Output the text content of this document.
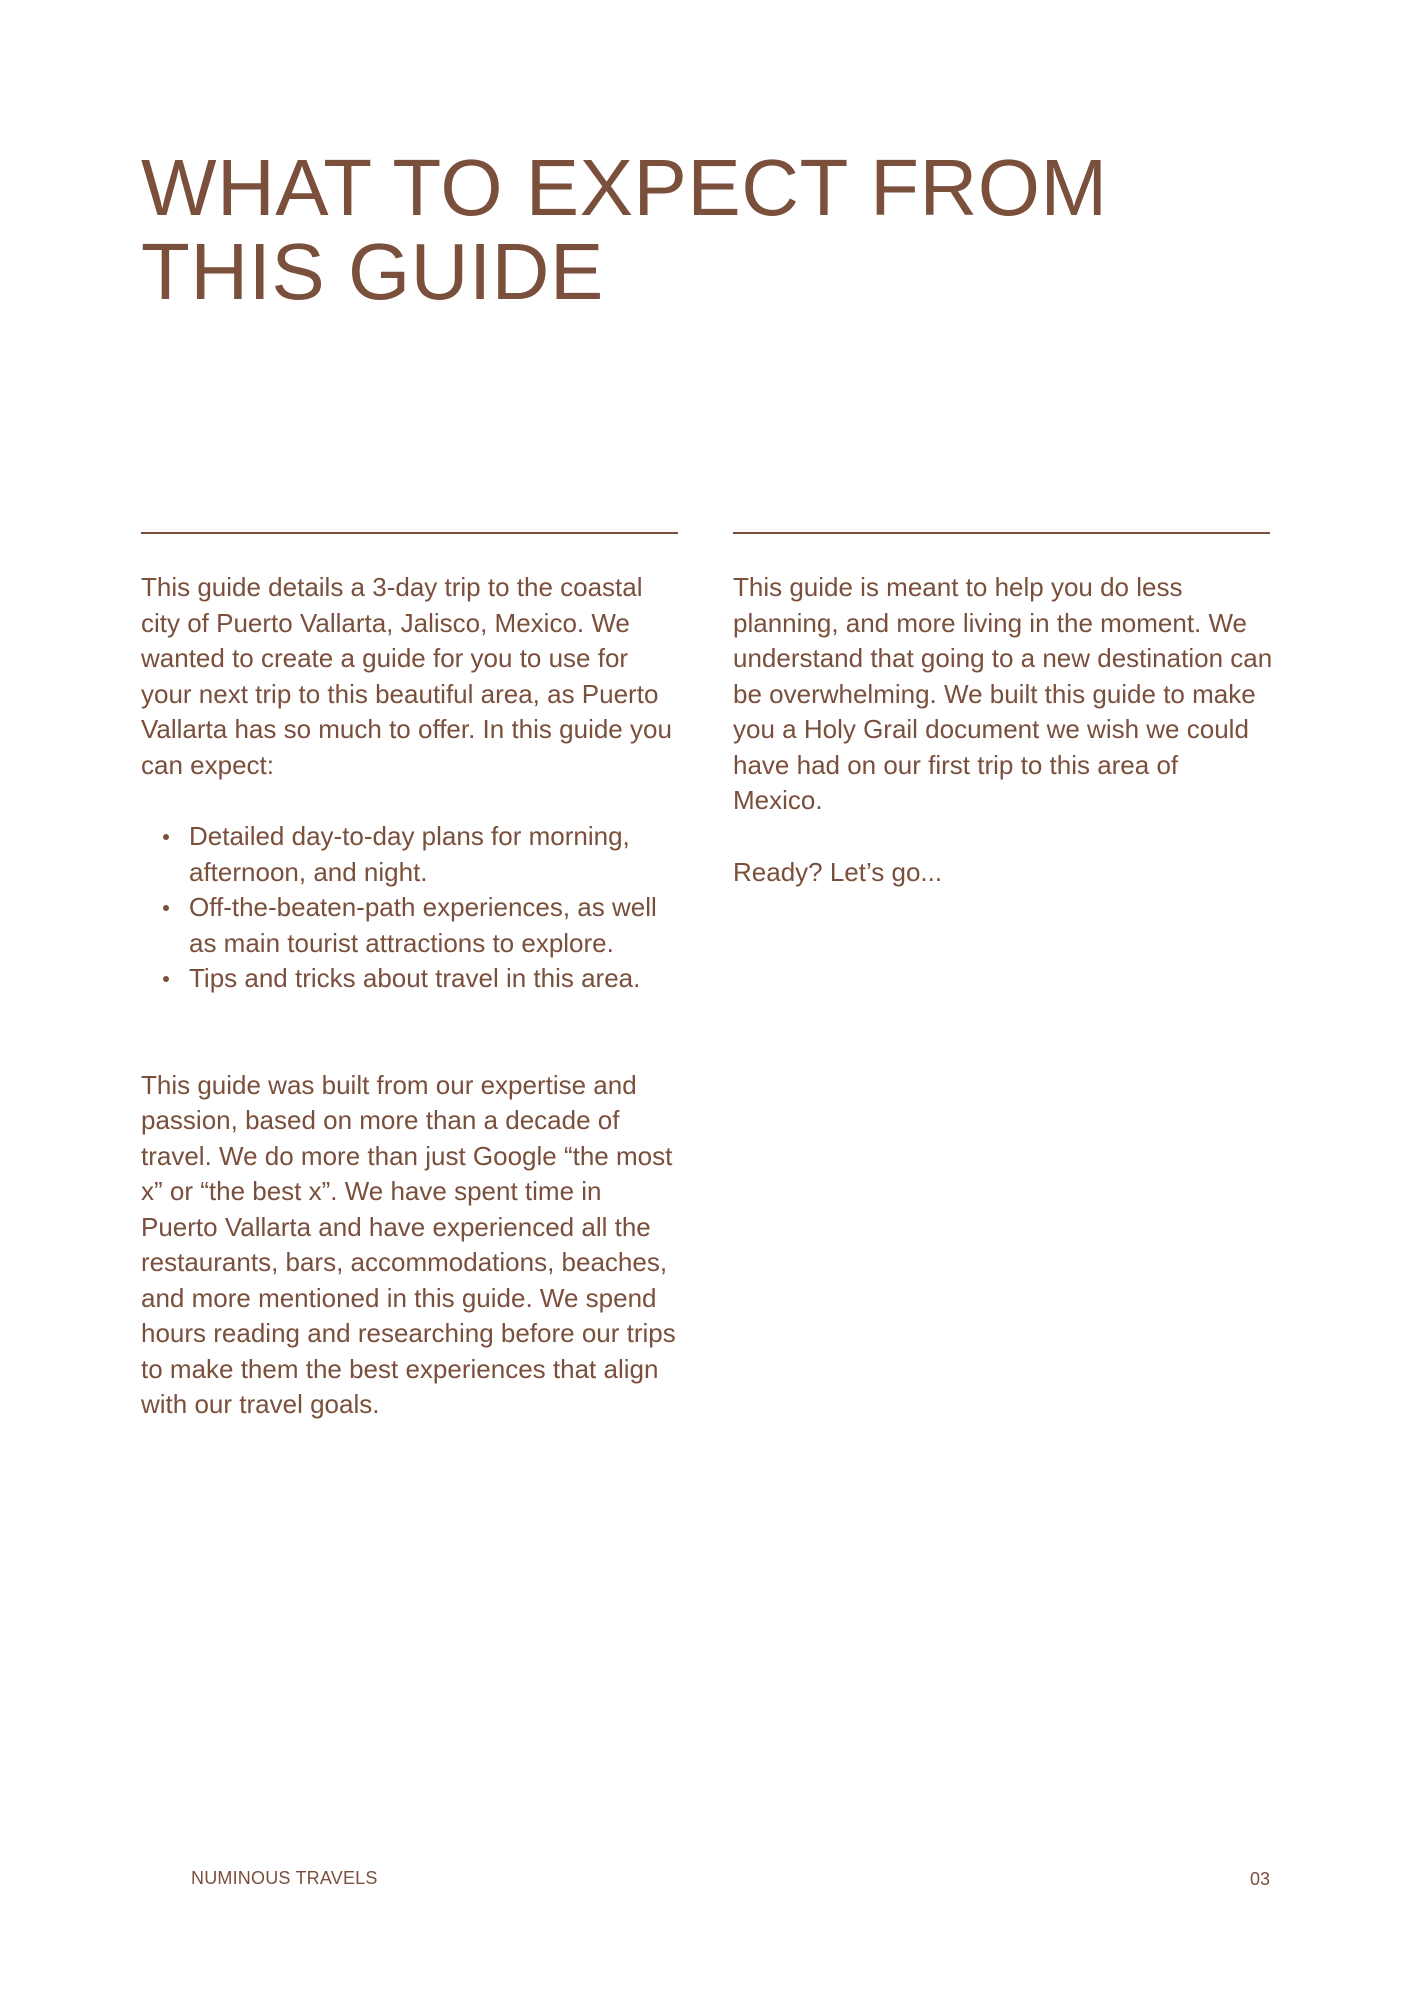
WHAT TO EXPECT FROM THIS GUIDE

This guide details a 3-day trip to the coastal city of Puerto Vallarta, Jalisco, Mexico. We wanted to create a guide for you to use for your next trip to this beautiful area, as Puerto Vallarta has so much to offer. In this guide you can expect:

Detailed day-to-day plans for morning, afternoon, and night.
Off-the-beaten-path experiences, as well as main tourist attractions to explore.
Tips and tricks about travel in this area.

This guide was built from our expertise and passion, based on more than a decade of travel. We do more than just Google “the most x” or “the best x”. We have spent time in Puerto Vallarta and have experienced all the restaurants, bars, accommodations, beaches, and more mentioned in this guide. We spend hours reading and researching before our trips to make them the best experiences that align with our travel goals.

This guide is meant to help you do less planning, and more living in the moment. We understand that going to a new destination can be overwhelming. We built this guide to make you a Holy Grail document we wish we could have had on our first trip to this area of Mexico.

Ready? Let’s go...

NUMINOUS TRAVELS	03
